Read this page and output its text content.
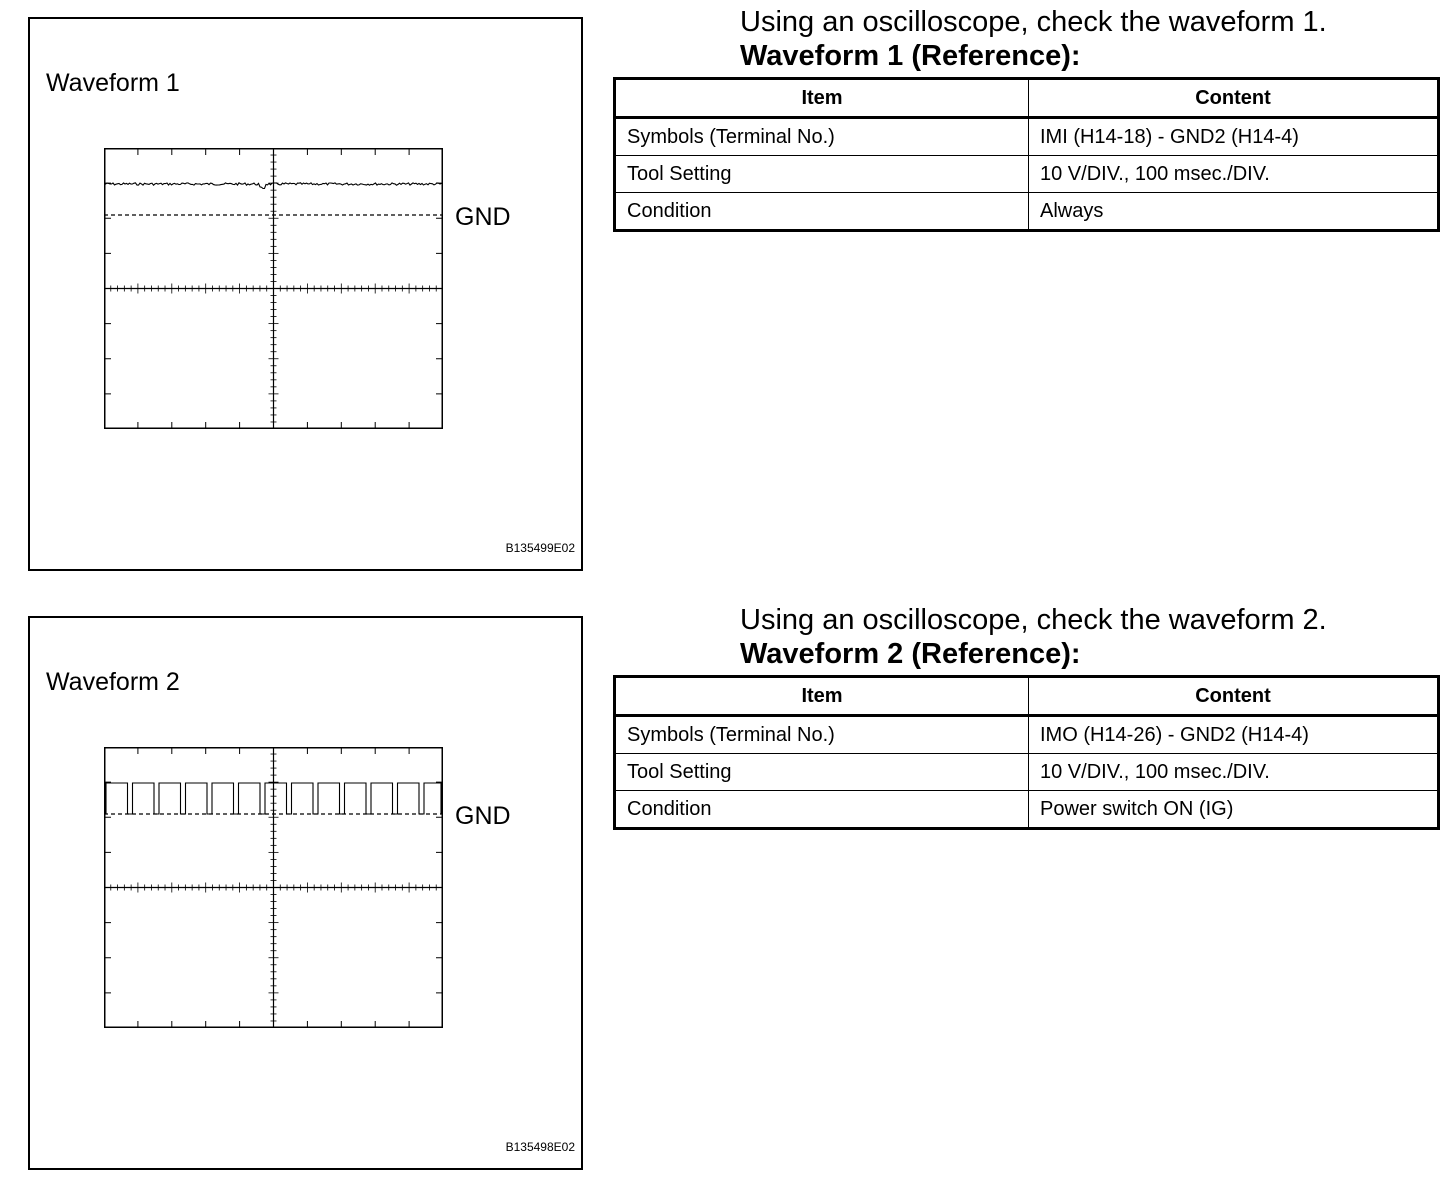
Waveform 1
GND
B135499E02
Using an oscilloscope, check the waveform 1.
Waveform 1 (Reference):
Item	Content
Symbols (Terminal No.)	IMI (H14-18) - GND2 (H14-4)
Tool Setting	10 V/DIV., 100 msec./DIV.
Condition	Always
Waveform 2
GND
B135498E02
Using an oscilloscope, check the waveform 2.
Waveform 2 (Reference):
Item	Content
Symbols (Terminal No.)	IMO (H14-26) - GND2 (H14-4)
Tool Setting	10 V/DIV., 100 msec./DIV.
Condition	Power switch ON (IG)
